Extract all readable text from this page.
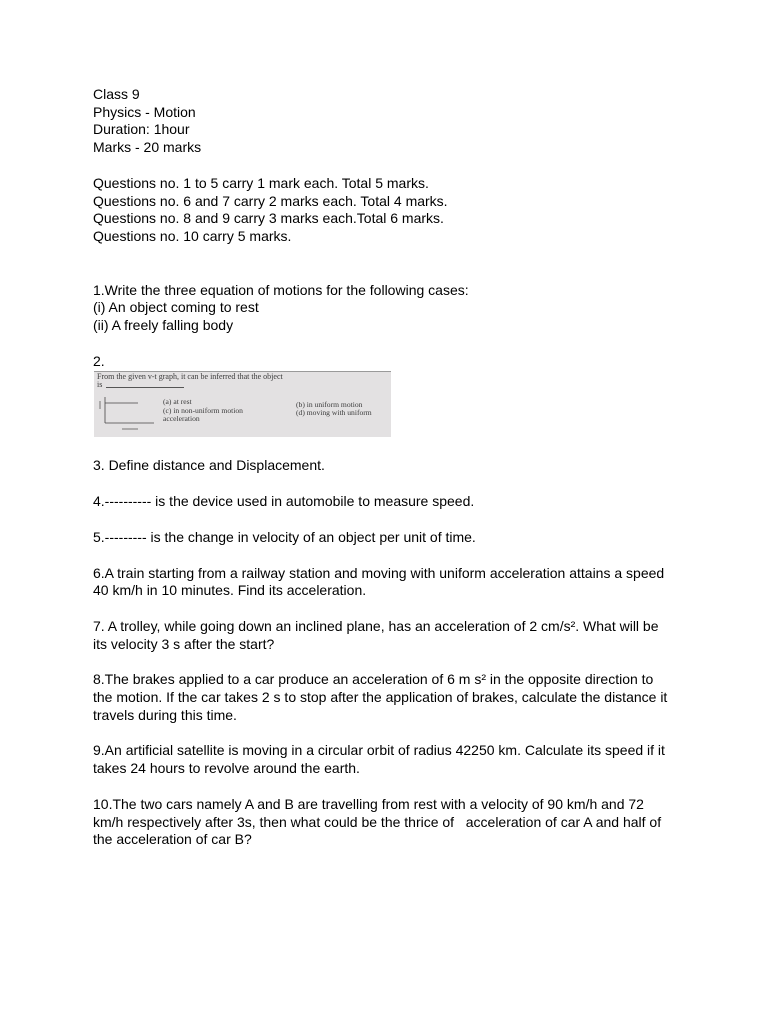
Class 9
Physics - Motion
Duration: 1hour
Marks - 20 marks
Questions no. 1 to 5 carry 1 mark each. Total 5 marks.
Questions no. 6 and 7 carry 2 marks each. Total 4 marks.
Questions no. 8 and 9 carry 3 marks each.Total 6 marks.
Questions no. 10 carry 5 marks.
1.Write the three equation of motions for the following cases:
(i) An object coming to rest
(ii) A freely falling body
2.
From the given v-t graph, it can be inferred that the object
is
(a) at rest
(c) in non-uniform motion
acceleration
(b) in uniform motion
(d) moving with uniform
3. Define distance and Displacement.
4.---------- is the device used in automobile to measure speed.
5.--------- is the change in velocity of an object per unit of time.
6.A train starting from a railway station and moving with uniform acceleration attains a speed
40 km/h in 10 minutes. Find its acceleration.
7. A trolley, while going down an inclined plane, has an acceleration of 2 cm/s². What will be
its velocity 3 s after the start?
8.The brakes applied to a car produce an acceleration of 6 m s² in the opposite direction to
the motion. If the car takes 2 s to stop after the application of brakes, calculate the distance it
travels during this time.
9.An artificial satellite is moving in a circular orbit of radius 42250 km. Calculate its speed if it
takes 24 hours to revolve around the earth.
10.The two cars namely A and B are travelling from rest with a velocity of 90 km/h and 72
km/h respectively after 3s, then what could be the thrice of   acceleration of car A and half of
the acceleration of car B?
